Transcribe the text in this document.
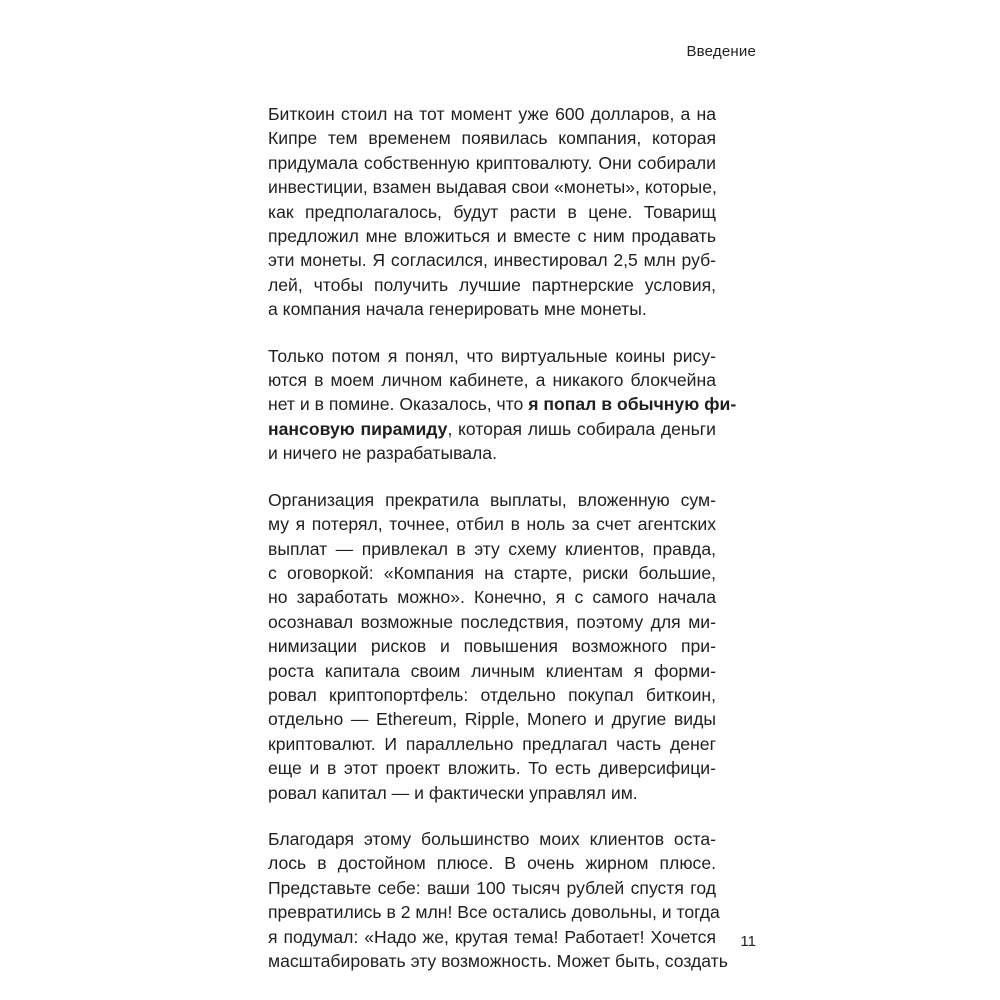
Введение

Биткоин стоил на тот момент уже 600 долларов, а на
Кипре тем временем появилась компания, которая
придумала собственную криптовалюту. Они собирали
инвестиции, взамен выдавая свои «монеты», которые,
как предполагалось, будут расти в цене. Товарищ
предложил мне вложиться и вместе с ним продавать
эти монеты. Я согласился, инвестировал 2,5 млн руб-
лей, чтобы получить лучшие партнерские условия,
а компания начала генерировать мне монеты.

Только потом я понял, что виртуальные коины рису-
ются в моем личном кабинете, а никакого блокчейна
нет и в помине. Оказалось, что я попал в обычную фи-
нансовую пирамиду, которая лишь собирала деньги
и ничего не разрабатывала.

Организация прекратила выплаты, вложенную сум-
му я потерял, точнее, отбил в ноль за счет агентских
выплат — привлекал в эту схему клиентов, правда,
с оговоркой: «Компания на старте, риски большие,
но заработать можно». Конечно, я с самого начала
осознавал возможные последствия, поэтому для ми-
нимизации рисков и повышения возможного при-
роста капитала своим личным клиентам я форми-
ровал криптопортфель: отдельно покупал биткоин,
отдельно — Ethereum, Ripple, Monero и другие виды
криптовалют. И параллельно предлагал часть денег
еще и в этот проект вложить. То есть диверсифици-
ровал капитал — и фактически управлял им.

Благодаря этому большинство моих клиентов оста-
лось в достойном плюсе. В очень жирном плюсе.
Представьте себе: ваши 100 тысяч рублей спустя год
превратились в 2 млн! Все остались довольны, и тогда
я подумал: «Надо же, крутая тема! Работает! Хочется
масштабировать эту возможность. Может быть, создать

11
